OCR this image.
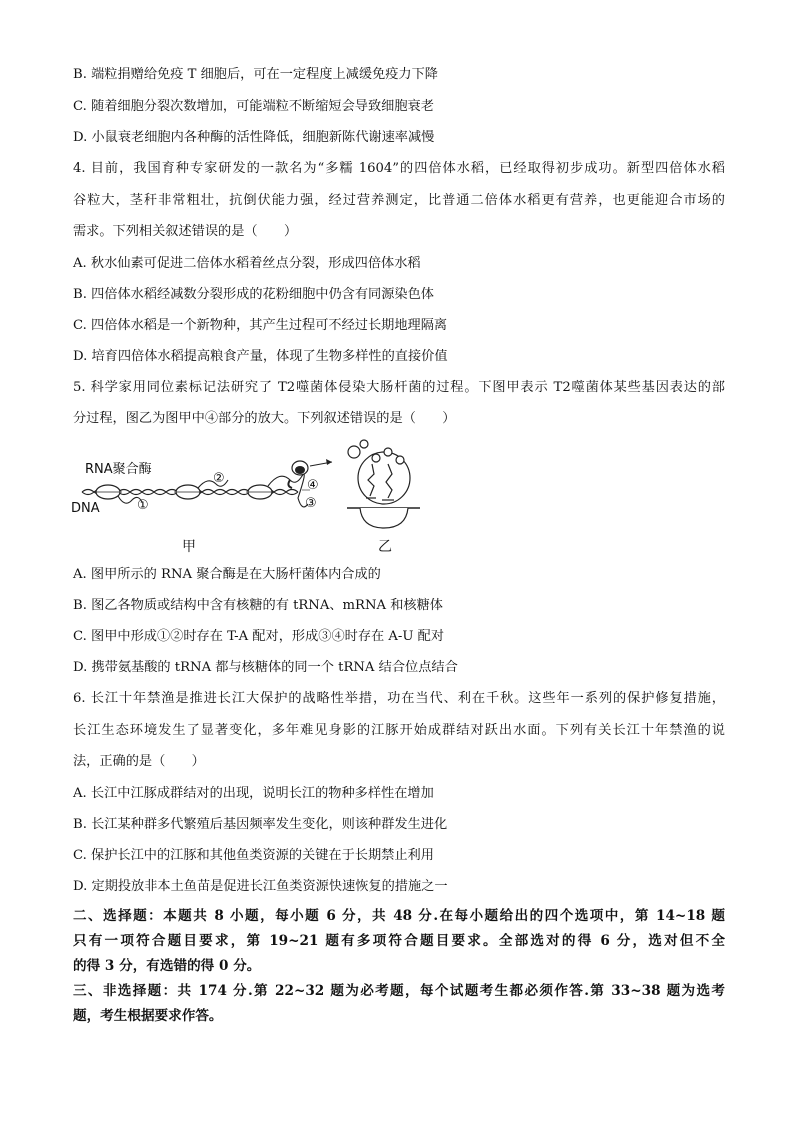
B. 端粒捐赠给免疫 T 细胞后，可在一定程度上减缓免疫力下降
C. 随着细胞分裂次数增加，可能端粒不断缩短会导致细胞衰老
D. 小鼠衰老细胞内各种酶的活性降低，细胞新陈代谢速率减慢
4. 目前，我国育种专家研发的一款名为“多糯 1604”的四倍体水稻，已经取得初步成功。新型四倍体水稻
谷粒大，茎秆非常粗壮，抗倒伏能力强，经过营养测定，比普通二倍体水稻更有营养，也更能迎合市场的
需求。下列相关叙述错误的是（　　）
A. 秋水仙素可促进二倍体水稻着丝点分裂，形成四倍体水稻
B. 四倍体水稻经减数分裂形成的花粉细胞中仍含有同源染色体
C. 四倍体水稻是一个新物种，其产生过程可不经过长期地理隔离
D. 培育四倍体水稻提高粮食产量，体现了生物多样性的直接价值
5. 科学家用同位素标记法研究了 T2噬菌体侵染大肠杆菌的过程。下图甲表示 T2噬菌体某些基因表达的部
分过程，图乙为图甲中④部分的放大。下列叙述错误的是（　　）
RNA聚合酶
DNA	①
②
③
④
甲	乙
A. 图甲所示的 RNA 聚合酶是在大肠杆菌体内合成的
B. 图乙各物质或结构中含有核糖的有 tRNA、mRNA 和核糖体
C. 图甲中形成①②时存在 T-A 配对，形成③④时存在 A-U 配对
D. 携带氨基酸的 tRNA 都与核糖体的同一个 tRNA 结合位点结合
6. 长江十年禁渔是推进长江大保护的战略性举措，功在当代、利在千秋。这些年一系列的保护修复措施，
长江生态环境发生了显著变化，多年难见身影的江豚开始成群结对跃出水面。下列有关长江十年禁渔的说
法，正确的是（　　）
A. 长江中江豚成群结对的出现，说明长江的物种多样性在增加
B. 长江某种群多代繁殖后基因频率发生变化，则该种群发生进化
C. 保护长江中的江豚和其他鱼类资源的关键在于长期禁止利用
D. 定期投放非本土鱼苗是促进长江鱼类资源快速恢复的措施之一
二、选择题：本题共 8 小题，每小题 6 分，共 48 分.在每小题给出的四个选项中，第 14~18 题
只有一项符合题目要求，第 19~21 题有多项符合题目要求。全部选对的得 6 分，选对但不全
的得 3 分，有选错的得 0 分。
三、非选择题：共 174 分.第 22~32 题为必考题，每个试题考生都必须作答.第 33~38 题为选考
题，考生根据要求作答。
